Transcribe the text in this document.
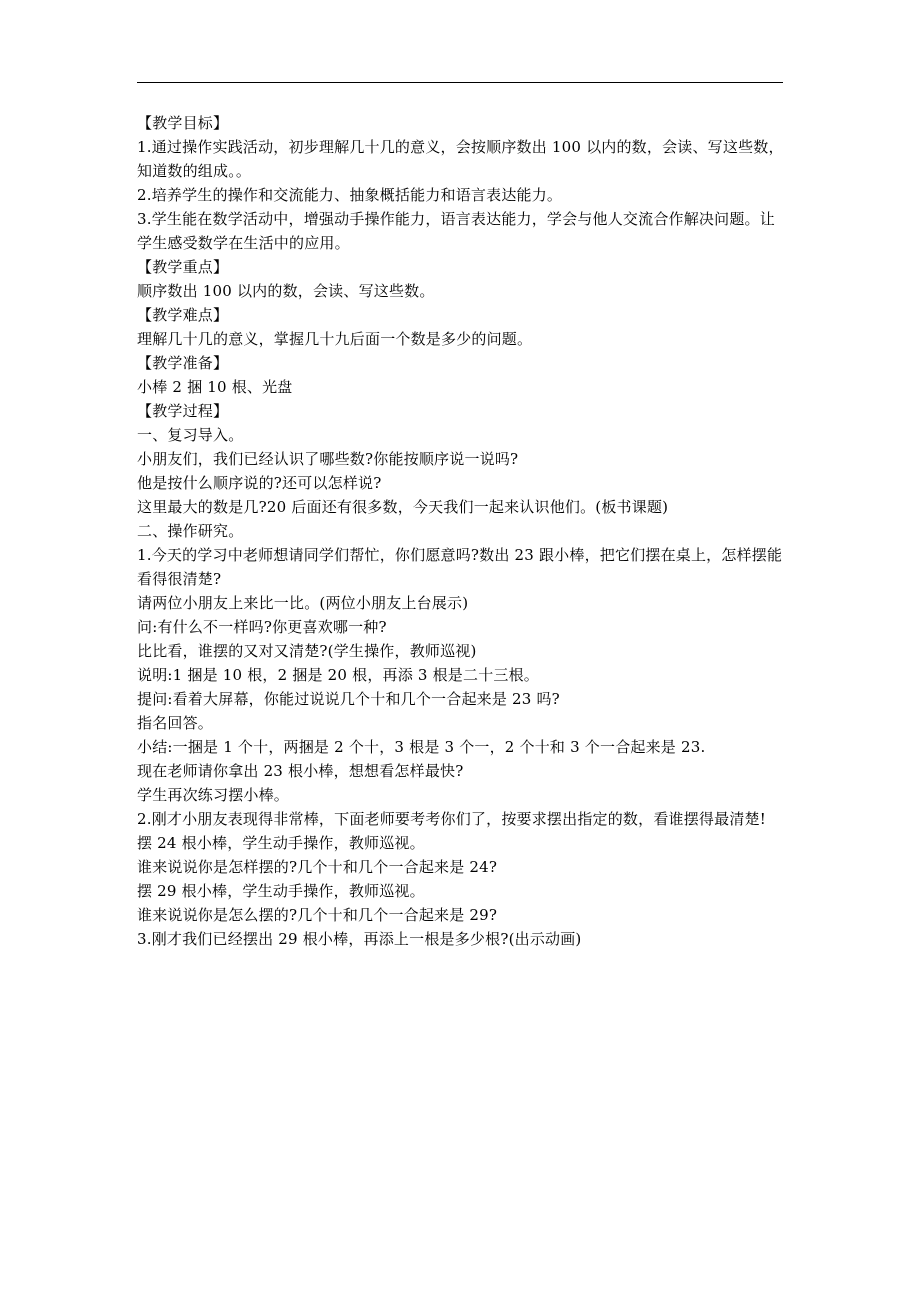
【教学目标】

1.通过操作实践活动，初步理解几十几的意义，会按顺序数出 100 以内的数，会读、写这些数，知道数的组成。。

2.培养学生的操作和交流能力、抽象概括能力和语言表达能力。

3.学生能在数学活动中，增强动手操作能力，语言表达能力，学会与他人交流合作解决问题。让学生感受数学在生活中的应用。

【教学重点】

顺序数出 100 以内的数，会读、写这些数。

【教学难点】

理解几十几的意义，掌握几十九后面一个数是多少的问题。

【教学准备】

小棒 2 捆 10 根、光盘

【教学过程】

一、复习导入。

小朋友们，我们已经认识了哪些数?你能按顺序说一说吗?

他是按什么顺序说的?还可以怎样说?

这里最大的数是几?20 后面还有很多数，今天我们一起来认识他们。(板书课题)

二、操作研究。

1.今天的学习中老师想请同学们帮忙，你们愿意吗?数出 23 跟小棒，把它们摆在桌上，怎样摆能看得很清楚?

请两位小朋友上来比一比。(两位小朋友上台展示)

问:有什么不一样吗?你更喜欢哪一种?

比比看，谁摆的又对又清楚?(学生操作，教师巡视)

说明:1 捆是 10 根，2 捆是 20 根，再添 3 根是二十三根。

提问:看着大屏幕，你能过说说几个十和几个一合起来是 23 吗?

指名回答。

小结:一捆是 1 个十，两捆是 2 个十，3 根是 3 个一，2 个十和 3 个一合起来是 23.

现在老师请你拿出 23 根小棒，想想看怎样最快?

学生再次练习摆小棒。

2.刚才小朋友表现得非常棒，下面老师要考考你们了，按要求摆出指定的数，看谁摆得最清楚!

摆 24 根小棒，学生动手操作，教师巡视。

谁来说说你是怎样摆的?几个十和几个一合起来是 24?

摆 29 根小棒，学生动手操作，教师巡视。

谁来说说你是怎么摆的?几个十和几个一合起来是 29?

3.刚才我们已经摆出 29 根小棒，再添上一根是多少根?(出示动画)
